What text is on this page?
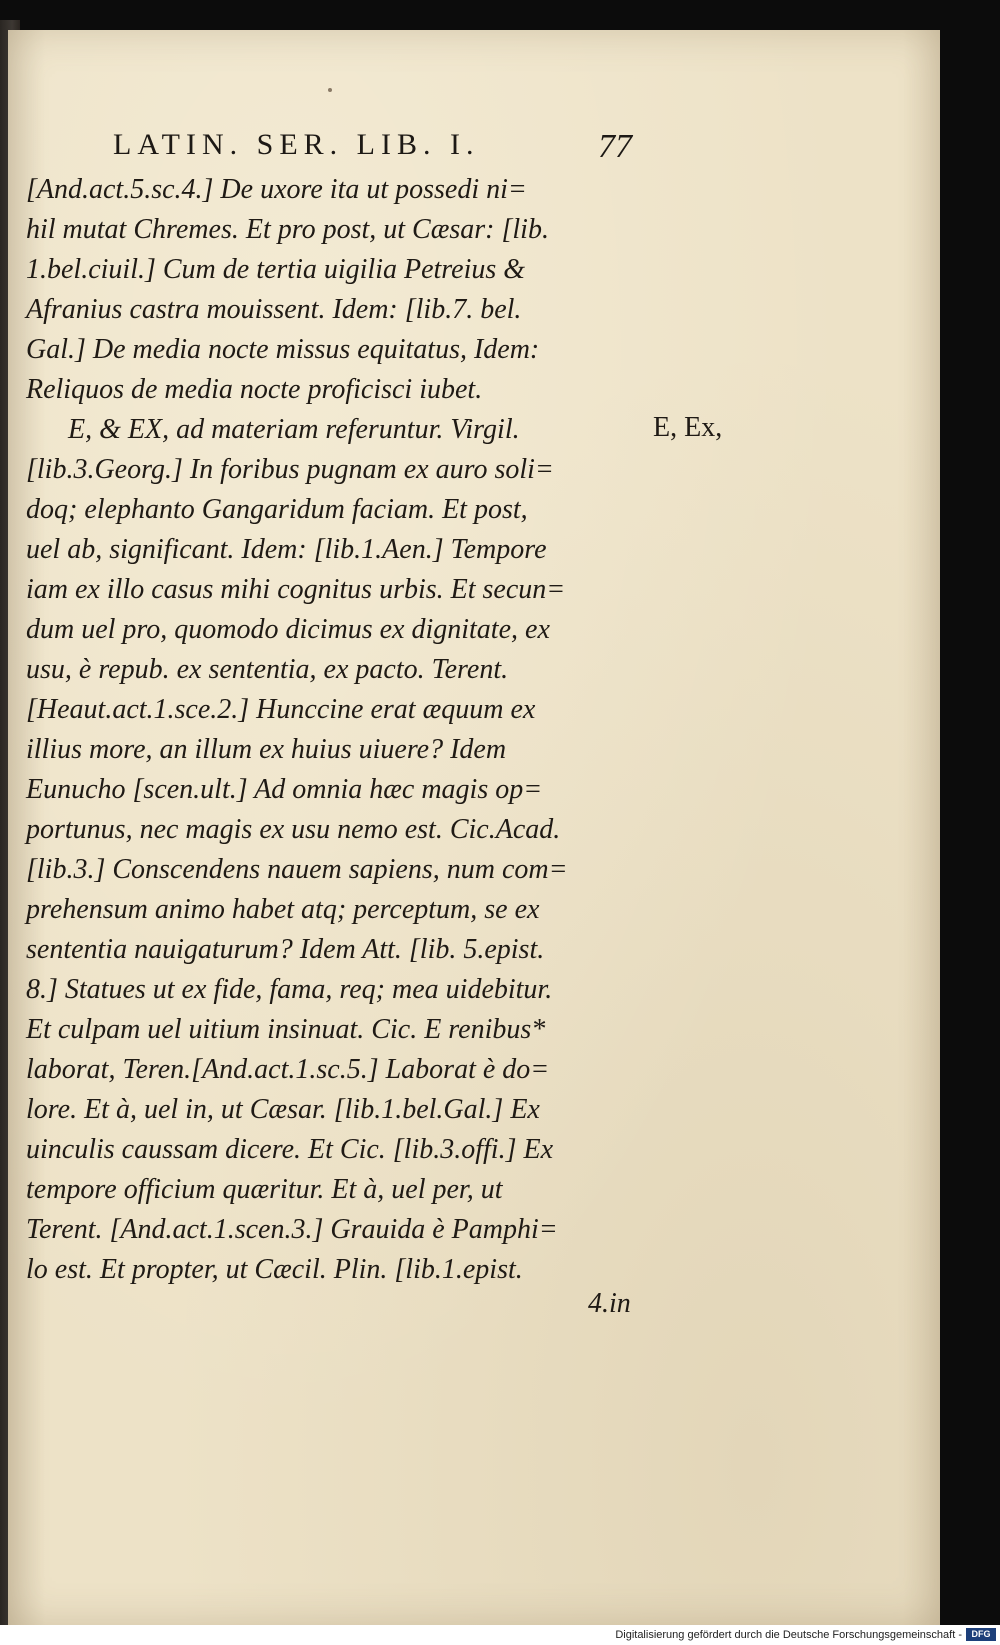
LATIN. SER. LIB. I.	77
[And.act.5.sc.4.] De uxore ita ut possedi ni=
hil mutat Chremes. Et pro post, ut Cæsar: [lib.
1.bel.ciuil.] Cum de tertia uigilia Petreius &
Afranius castra mouissent. Idem: [lib.7. bel.
Gal.] De media nocte missus equitatus, Idem:
Reliquos de media nocte proficisci iubet.
E, & EX, ad materiam referuntur. Virgil.
[lib.3.Georg.] In foribus pugnam ex auro soli=
doq; elephanto Gangaridum faciam. Et post,
uel ab, significant. Idem: [lib.1.Aen.] Tempore
iam ex illo casus mihi cognitus urbis. Et secun=
dum uel pro, quomodo dicimus ex dignitate, ex
usu, è repub. ex sententia, ex pacto. Terent.
[Heaut.act.1.sce.2.] Hunccine erat æquum ex
illius more, an illum ex huius uiuere? Idem
Eunucho [scen.ult.] Ad omnia hæc magis op=
portunus, nec magis ex usu nemo est. Cic.Acad.
[lib.3.] Conscendens nauem sapiens, num com=
prehensum animo habet atq; perceptum, se ex
sententia nauigaturum? Idem Att. [lib. 5.epist.
8.] Statues ut ex fide, fama, req; mea uidebitur.
Et culpam uel uitium insinuat. Cic. E renibus*
laborat, Teren.[And.act.1.sc.5.] Laborat è do=
lore. Et à, uel in, ut Cæsar. [lib.1.bel.Gal.] Ex
uinculis caussam dicere. Et Cic. [lib.3.offi.] Ex
tempore officium quæritur. Et à, uel per, ut
Terent. [And.act.1.scen.3.] Grauida è Pamphi=
lo est. Et propter, ut Cæcil. Plin. [lib.1.epist.
E, Ex,
4.in
Digitalisierung gefördert durch die Deutsche Forschungsgemeinschaft -	DFG
